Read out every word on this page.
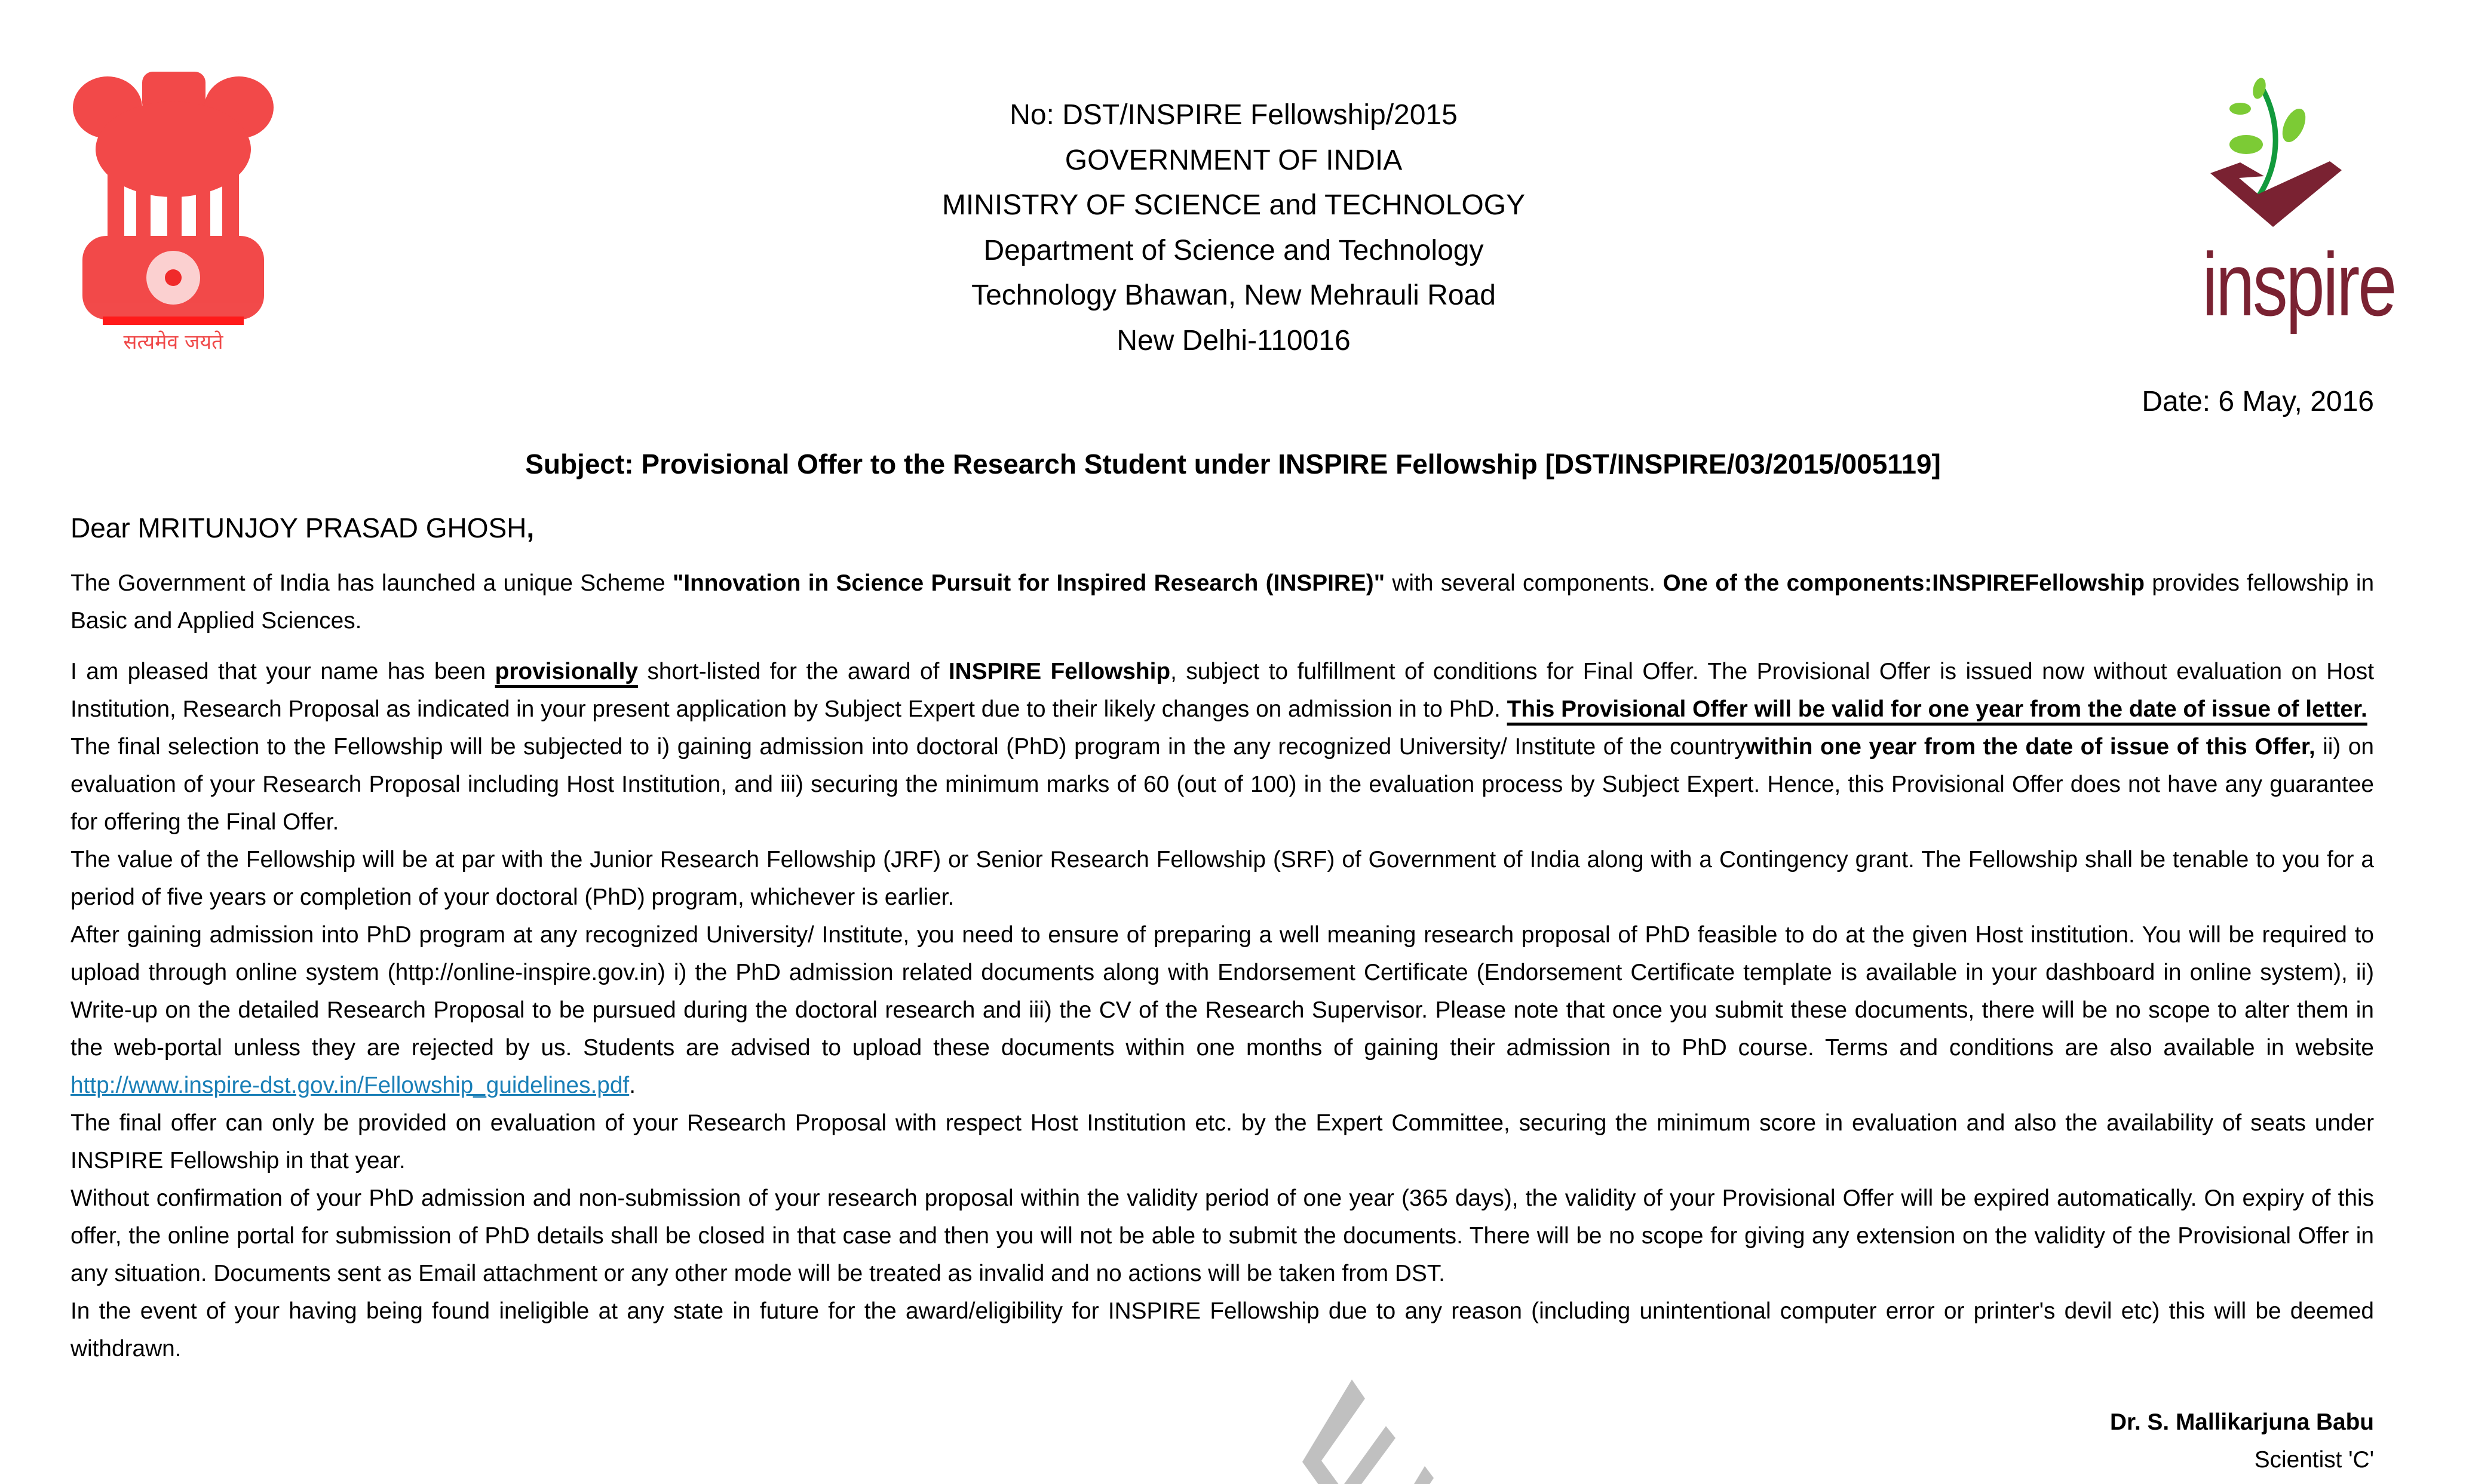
सत्यमेव जयते
inspire
No: DST/INSPIRE Fellowship/2015
GOVERNMENT OF INDIA
MINISTRY OF SCIENCE and TECHNOLOGY
Department of Science and Technology
Technology Bhawan, New Mehrauli Road
New Delhi-110016
Date: 6 May, 2016
Subject: Provisional Offer to the Research Student under INSPIRE Fellowship [DST/INSPIRE/03/2015/005119]
Dear MRITUNJOY PRASAD GHOSH,

The Government of India has launched a unique Scheme "Innovation in Science Pursuit for Inspired Research (INSPIRE)" with several components. One of the components:INSPIREFellowship provides fellowship in Basic and Applied Sciences.

I am pleased that your name has been provisionally short-listed for the award of INSPIRE Fellowship, subject to fulfillment of conditions for Final Offer. The Provisional Offer is issued now without evaluation on Host Institution, Research Proposal as indicated in your present application by Subject Expert due to their likely changes on admission in to PhD. This Provisional Offer will be valid for one year from the date of issue of letter.

The final selection to the Fellowship will be subjected to i) gaining admission into doctoral (PhD) program in the any recognized University/ Institute of the countrywithin one year from the date of issue of this Offer, ii) on evaluation of your Research Proposal including Host Institution, and iii) securing the minimum marks of 60 (out of 100) in the evaluation process by Subject Expert. Hence, this Provisional Offer does not have any guarantee for offering the Final Offer.

The value of the Fellowship will be at par with the Junior Research Fellowship (JRF) or Senior Research Fellowship (SRF) of Government of India along with a Contingency grant. The Fellowship shall be tenable to you for a period of five years or completion of your doctoral (PhD) program, whichever is earlier.

After gaining admission into PhD program at any recognized University/ Institute, you need to ensure of preparing a well meaning research proposal of PhD feasible to do at the given Host institution. You will be required to upload through online system (http://online-inspire.gov.in) i) the PhD admission related documents along with Endorsement Certificate (Endorsement Certificate template is available in your dashboard in online system), ii) Write-up on the detailed Research Proposal to be pursued during the doctoral research and iii) the CV of the Research Supervisor. Please note that once you submit these documents, there will be no scope to alter them in the web-portal unless they are rejected by us. Students are advised to upload these documents within one months of gaining their admission in to PhD course. Terms and conditions are also available in website http://www.inspire-dst.gov.in/Fellowship_guidelines.pdf.

The final offer can only be provided on evaluation of your Research Proposal with respect Host Institution etc. by the Expert Committee, securing the minimum score in evaluation and also the availability of seats under INSPIRE Fellowship in that year.

Without confirmation of your PhD admission and non-submission of your research proposal within the validity period of one year (365 days), the validity of your Provisional Offer will be expired automatically. On expiry of this offer, the online portal for submission of PhD details shall be closed in that case and then you will not be able to submit the documents. There will be no scope for giving any extension on the validity of the Provisional Offer in any situation. Documents sent as Email attachment or any other mode will be treated as invalid and no actions will be taken from DST.

In the event of your having being found ineligible at any state in future for the award/eligibility for INSPIRE Fellowship due to any reason (including unintentional computer error or printer's devil etc) this will be deemed withdrawn.

Dr. S. Mallikarjuna Babu
Scientist 'C'
